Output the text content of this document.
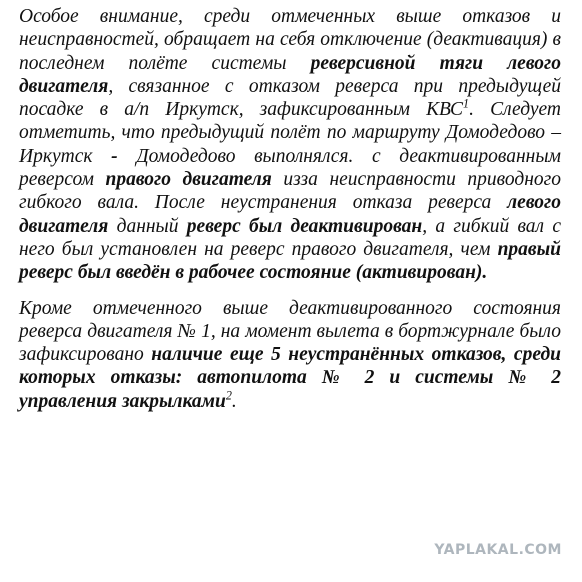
Особое внимание, среди отмеченных выше отказов и неисправностей, обращает на себя отключение (деактивация) в последнем полёте системы реверсивной тяги левого двигателя, связанное с отказом реверса при предыдущей посадке в а/п Иркутск, зафиксированным КВС$^1$. Следует отметить, что предыдущий полёт по маршруту Домодедово – Иркутск - Домодедово выполнялся. с деактивированным реверсом правого двигателя изза неисправности приводного гибкого вала. После неустранения отказа реверса левого двигателя данный реверс был деактивирован, а гибкий вал с него был установлен на реверс правого двигателя, чем правый реверс был введён в рабочее состояние (активирован).

Кроме отмеченного выше деактивированного состояния реверса двигателя № 1, на момент вылета в бортжурнале было зафиксировано наличие еще 5 неустранённых отказов, среди которых отказы: автопилота № 2 и системы № 2 управления закрылками$^2$.

YAPLAKAL.COM
